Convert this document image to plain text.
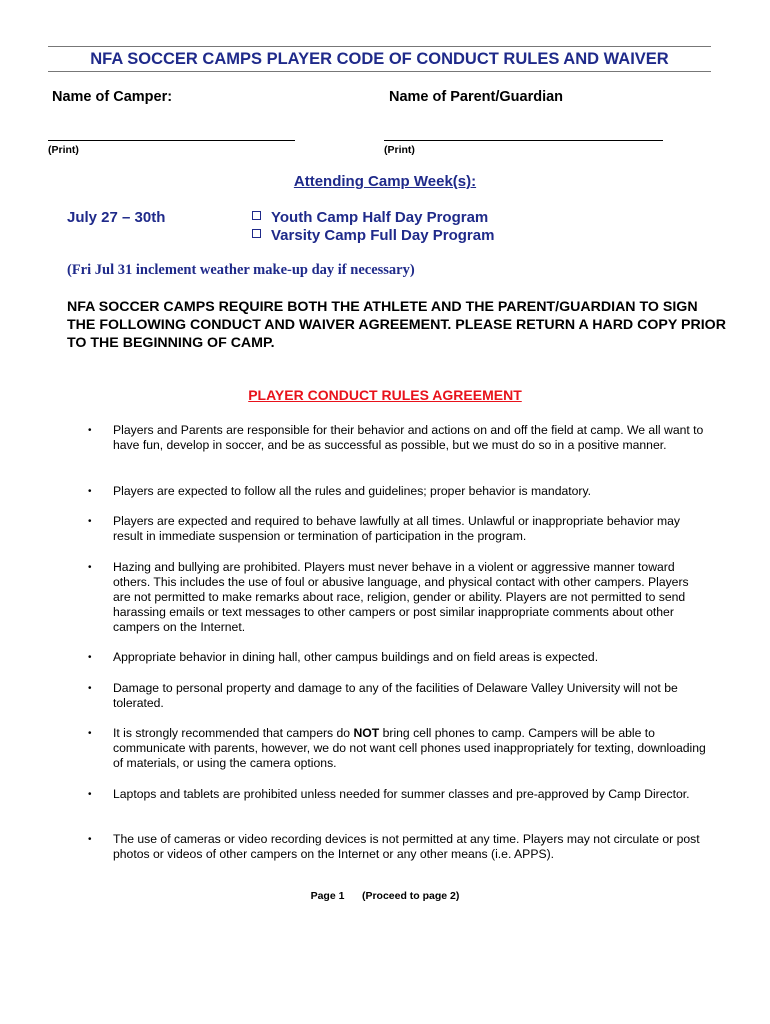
NFA SOCCER CAMPS PLAYER CODE OF CONDUCT RULES AND WAIVER
Name of Camper:	Name of Parent/Guardian
(Print)	(Print)
Attending Camp Week(s):
July 27 – 30th	Youth Camp Half Day Program
Varsity Camp Full Day Program
(Fri Jul 31 inclement weather make-up day if necessary)
NFA SOCCER CAMPS REQUIRE BOTH THE ATHLETE AND THE PARENT/GUARDIAN TO SIGN THE FOLLOWING CONDUCT AND WAIVER AGREEMENT. PLEASE RETURN A HARD COPY PRIOR TO THE BEGINNING OF CAMP.
PLAYER CONDUCT RULES AGREEMENT
• Players and Parents are responsible for their behavior and actions on and off the field at camp. We all want to have fun, develop in soccer, and be as successful as possible, but we must do so in a positive manner.
• Players are expected to follow all the rules and guidelines; proper behavior is mandatory.
• Players are expected and required to behave lawfully at all times. Unlawful or inappropriate behavior may result in immediate suspension or termination of participation in the program.
• Hazing and bullying are prohibited. Players must never behave in a violent or aggressive manner toward others. This includes the use of foul or abusive language, and physical contact with other campers. Players are not permitted to make remarks about race, religion, gender or ability. Players are not permitted to send harassing emails or text messages to other campers or post similar inappropriate comments about other campers on the Internet.
• Appropriate behavior in dining hall, other campus buildings and on field areas is expected.
• Damage to personal property and damage to any of the facilities of Delaware Valley University will not be tolerated.
• It is strongly recommended that campers do NOT bring cell phones to camp. Campers will be able to communicate with parents, however, we do not want cell phones used inappropriately for texting, downloading of materials, or using the camera options.
• Laptops and tablets are prohibited unless needed for summer classes and pre-approved by Camp Director.
• The use of cameras or video recording devices is not permitted at any time. Players may not circulate or post photos or videos of other campers on the Internet or any other means (i.e. APPS).
Page 1 (Proceed to page 2)
